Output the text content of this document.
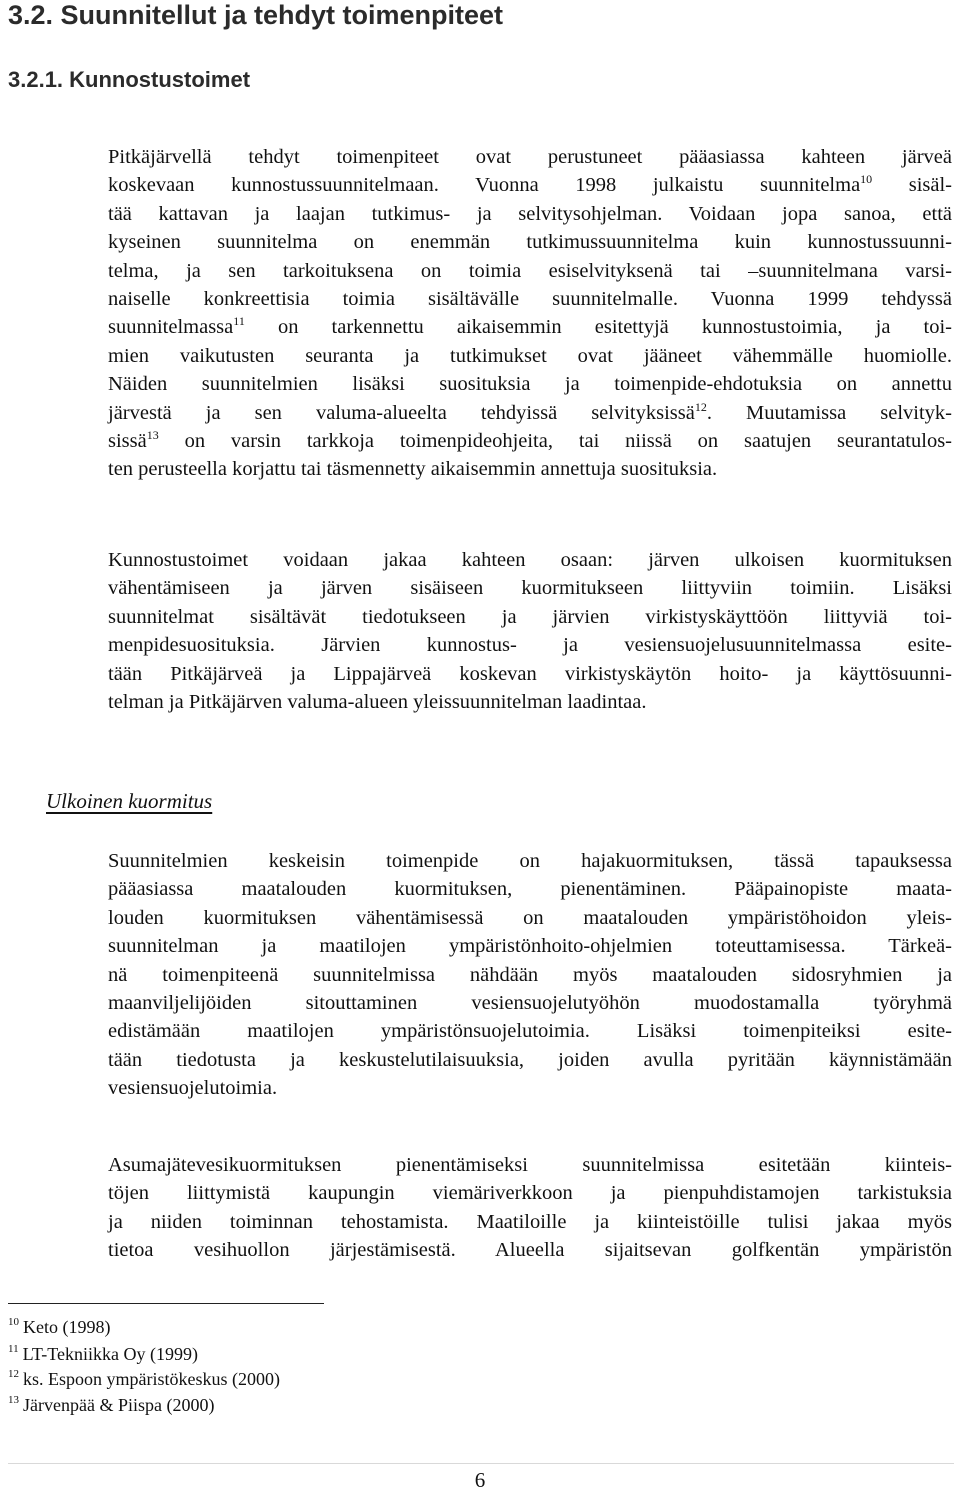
3.2. Suunnitellut ja tehdyt toimenpiteet
3.2.1. Kunnostustoimet
Pitkäjärvellä tehdyt toimenpiteet ovat perustuneet pääasiassa kahteen järveä
koskevaan kunnostussuunnitelmaan. Vuonna 1998 julkaistu suunnitelma$^{10}$ sisäl-
tää kattavan ja laajan tutkimus- ja selvitysohjelman. Voidaan jopa sanoa, että
kyseinen suunnitelma on enemmän tutkimussuunnitelma kuin kunnostussuunni-
telma, ja sen tarkoituksena on toimia esiselvityksenä tai –suunnitelmana varsi-
naiselle konkreettisia toimia sisältävälle suunnitelmalle. Vuonna 1999 tehdyssä
suunnitelmassa$^{11}$ on tarkennettu aikaisemmin esitettyjä kunnostustoimia, ja toi-
mien vaikutusten seuranta ja tutkimukset ovat jääneet vähemmälle huomiolle.
Näiden suunnitelmien lisäksi suosituksia ja toimenpide-ehdotuksia on annettu
järvestä ja sen valuma-alueelta tehdyissä selvityksissä$^{12}$. Muutamissa selvityk-
sissä$^{13}$ on varsin tarkkoja toimenpideohjeita, tai niissä on saatujen seurantatulos-
ten perusteella korjattu tai täsmennetty aikaisemmin annettuja suosituksia.
Kunnostustoimet voidaan jakaa kahteen osaan: järven ulkoisen kuormituksen
vähentämiseen ja järven sisäiseen kuormitukseen liittyviin toimiin. Lisäksi
suunnitelmat sisältävät tiedotukseen ja järvien virkistyskäyttöön liittyviä toi-
menpidesuosituksia. Järvien kunnostus- ja vesiensuojelusuunnitelmassa esite-
tään Pitkäjärveä ja Lippajärveä koskevan virkistyskäytön hoito- ja käyttösuunni-
telman ja Pitkäjärven valuma-alueen yleissuunnitelman laadintaa.
Ulkoinen kuormitus
Suunnitelmien keskeisin toimenpide on hajakuormituksen, tässä tapauksessa
pääasiassa maatalouden kuormituksen, pienentäminen. Pääpainopiste maata-
louden kuormituksen vähentämisessä on maatalouden ympäristöhoidon yleis-
suunnitelman ja maatilojen ympäristönhoito-ohjelmien toteuttamisessa. Tärkeä-
nä toimenpiteenä suunnitelmissa nähdään myös maatalouden sidosryhmien ja
maanviljelijöiden sitouttaminen vesiensuojelutyöhön muodostamalla työryhmä
edistämään maatilojen ympäristönsuojelutoimia. Lisäksi toimenpiteiksi esite-
tään tiedotusta ja keskustelutilaisuuksia, joiden avulla pyritään käynnistämään
vesiensuojelutoimia.
Asumajätevesikuormituksen pienentämiseksi suunnitelmissa esitetään kiinteis-
töjen liittymistä kaupungin viemäriverkkoon ja pienpuhdistamojen tarkistuksia
ja niiden toiminnan tehostamista. Maatiloille ja kiinteistöille tulisi jakaa myös
tietoa vesihuollon järjestämisestä. Alueella sijaitsevan golfkentän ympäristön
$^{10}$ Keto (1998)
$^{11}$ LT-Tekniikka Oy (1999)
$^{12}$ ks. Espoon ympäristökeskus (2000)
$^{13}$ Järvenpää & Piispa (2000)
6
